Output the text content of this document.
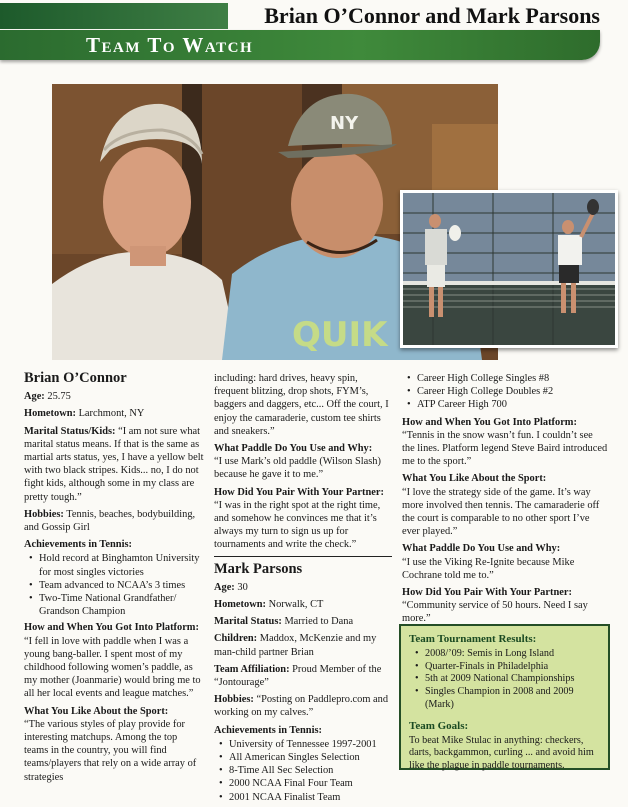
Brian O’Connor and Mark Parsons
Team To Watch
NY
QUIK
Brian O’Connor

Age: 25.75

Hometown: Larchmont, NY

Marital Status/Kids: “I am not sure what marital status means. If that is the same as martial arts status, yes, I have a yellow belt with two black stripes. Kids... no, I do not fight kids, although some in my class are pretty tough.”

Hobbies: Tennis, beaches, bodybuilding, and Gossip Girl

Achievements in Tennis:

• Hold record at Binghamton University for most singles victories
• Team advanced to NCAA’s 3 times
• Two-Time National Grandfather/ Grandson Champion

How and When You Got Into Platform:
“I fell in love with paddle when I was a young bang-baller. I spent most of my childhood following women’s paddle, as my mother (Joanmarie) would bring me to all her local events and league matches.”

What You Like About the Sport:
“The various styles of play provide for interesting matchups. Among the top teams in the country, you will find teams/players that rely on a wide array of strategies

including: hard drives, heavy spin, frequent blitzing, drop shots, FYM’s, baggers and daggers, etc... Off the court, I enjoy the camaraderie, custom tee shirts and sneakers.”

What Paddle Do You Use and Why:
“I use Mark’s old paddle (Wilson Slash) because he gave it to me.”

How Did You Pair With Your Partner:
“I was in the right spot at the right time, and somehow he convinces me that it’s always my turn to sign us up for tournaments and write the check.”

Mark Parsons

Age: 30

Hometown: Norwalk, CT

Marital Status: Married to Dana

Children: Maddox, McKenzie and my man-child partner Brian

Team Affiliation: Proud Member of the “Jontourage”

Hobbies: “Posting on Paddlepro.com and working on my calves.”

Achievements in Tennis:

• University of Tennessee 1997-2001
• All American Singles Selection
• 8-Time All Sec Selection
• 2000 NCAA Final Four Team
• 2001 NCAA Finalist Team
• Career High College Singles #8
• Career High College Doubles #2
• ATP Career High 700

How and When You Got Into Platform:
“Tennis in the snow wasn’t fun. I couldn’t see the lines. Platform legend Steve Baird introduced me to the sport.”

What You Like About the Sport:
“I love the strategy side of the game. It’s way more involved then tennis. The camaraderie off the court is comparable to no other sport I’ve ever played.”

What Paddle Do You Use and Why:
“I use the Viking Re-Ignite because Mike Cochrane told me to.”

How Did You Pair With Your Partner:
“Community service of 50 hours. Need I say more.”

Team Tournament Results:
• 2008/’09: Semis in Long Island
• Quarter-Finals in Philadelphia
• 5th at 2009 National Championships
• Singles Champion in 2008 and 2009 (Mark)
Team Goals:
To beat Mike Stulac in anything: checkers, darts, backgammon, curling ... and avoid him like the plague in paddle tournaments.
